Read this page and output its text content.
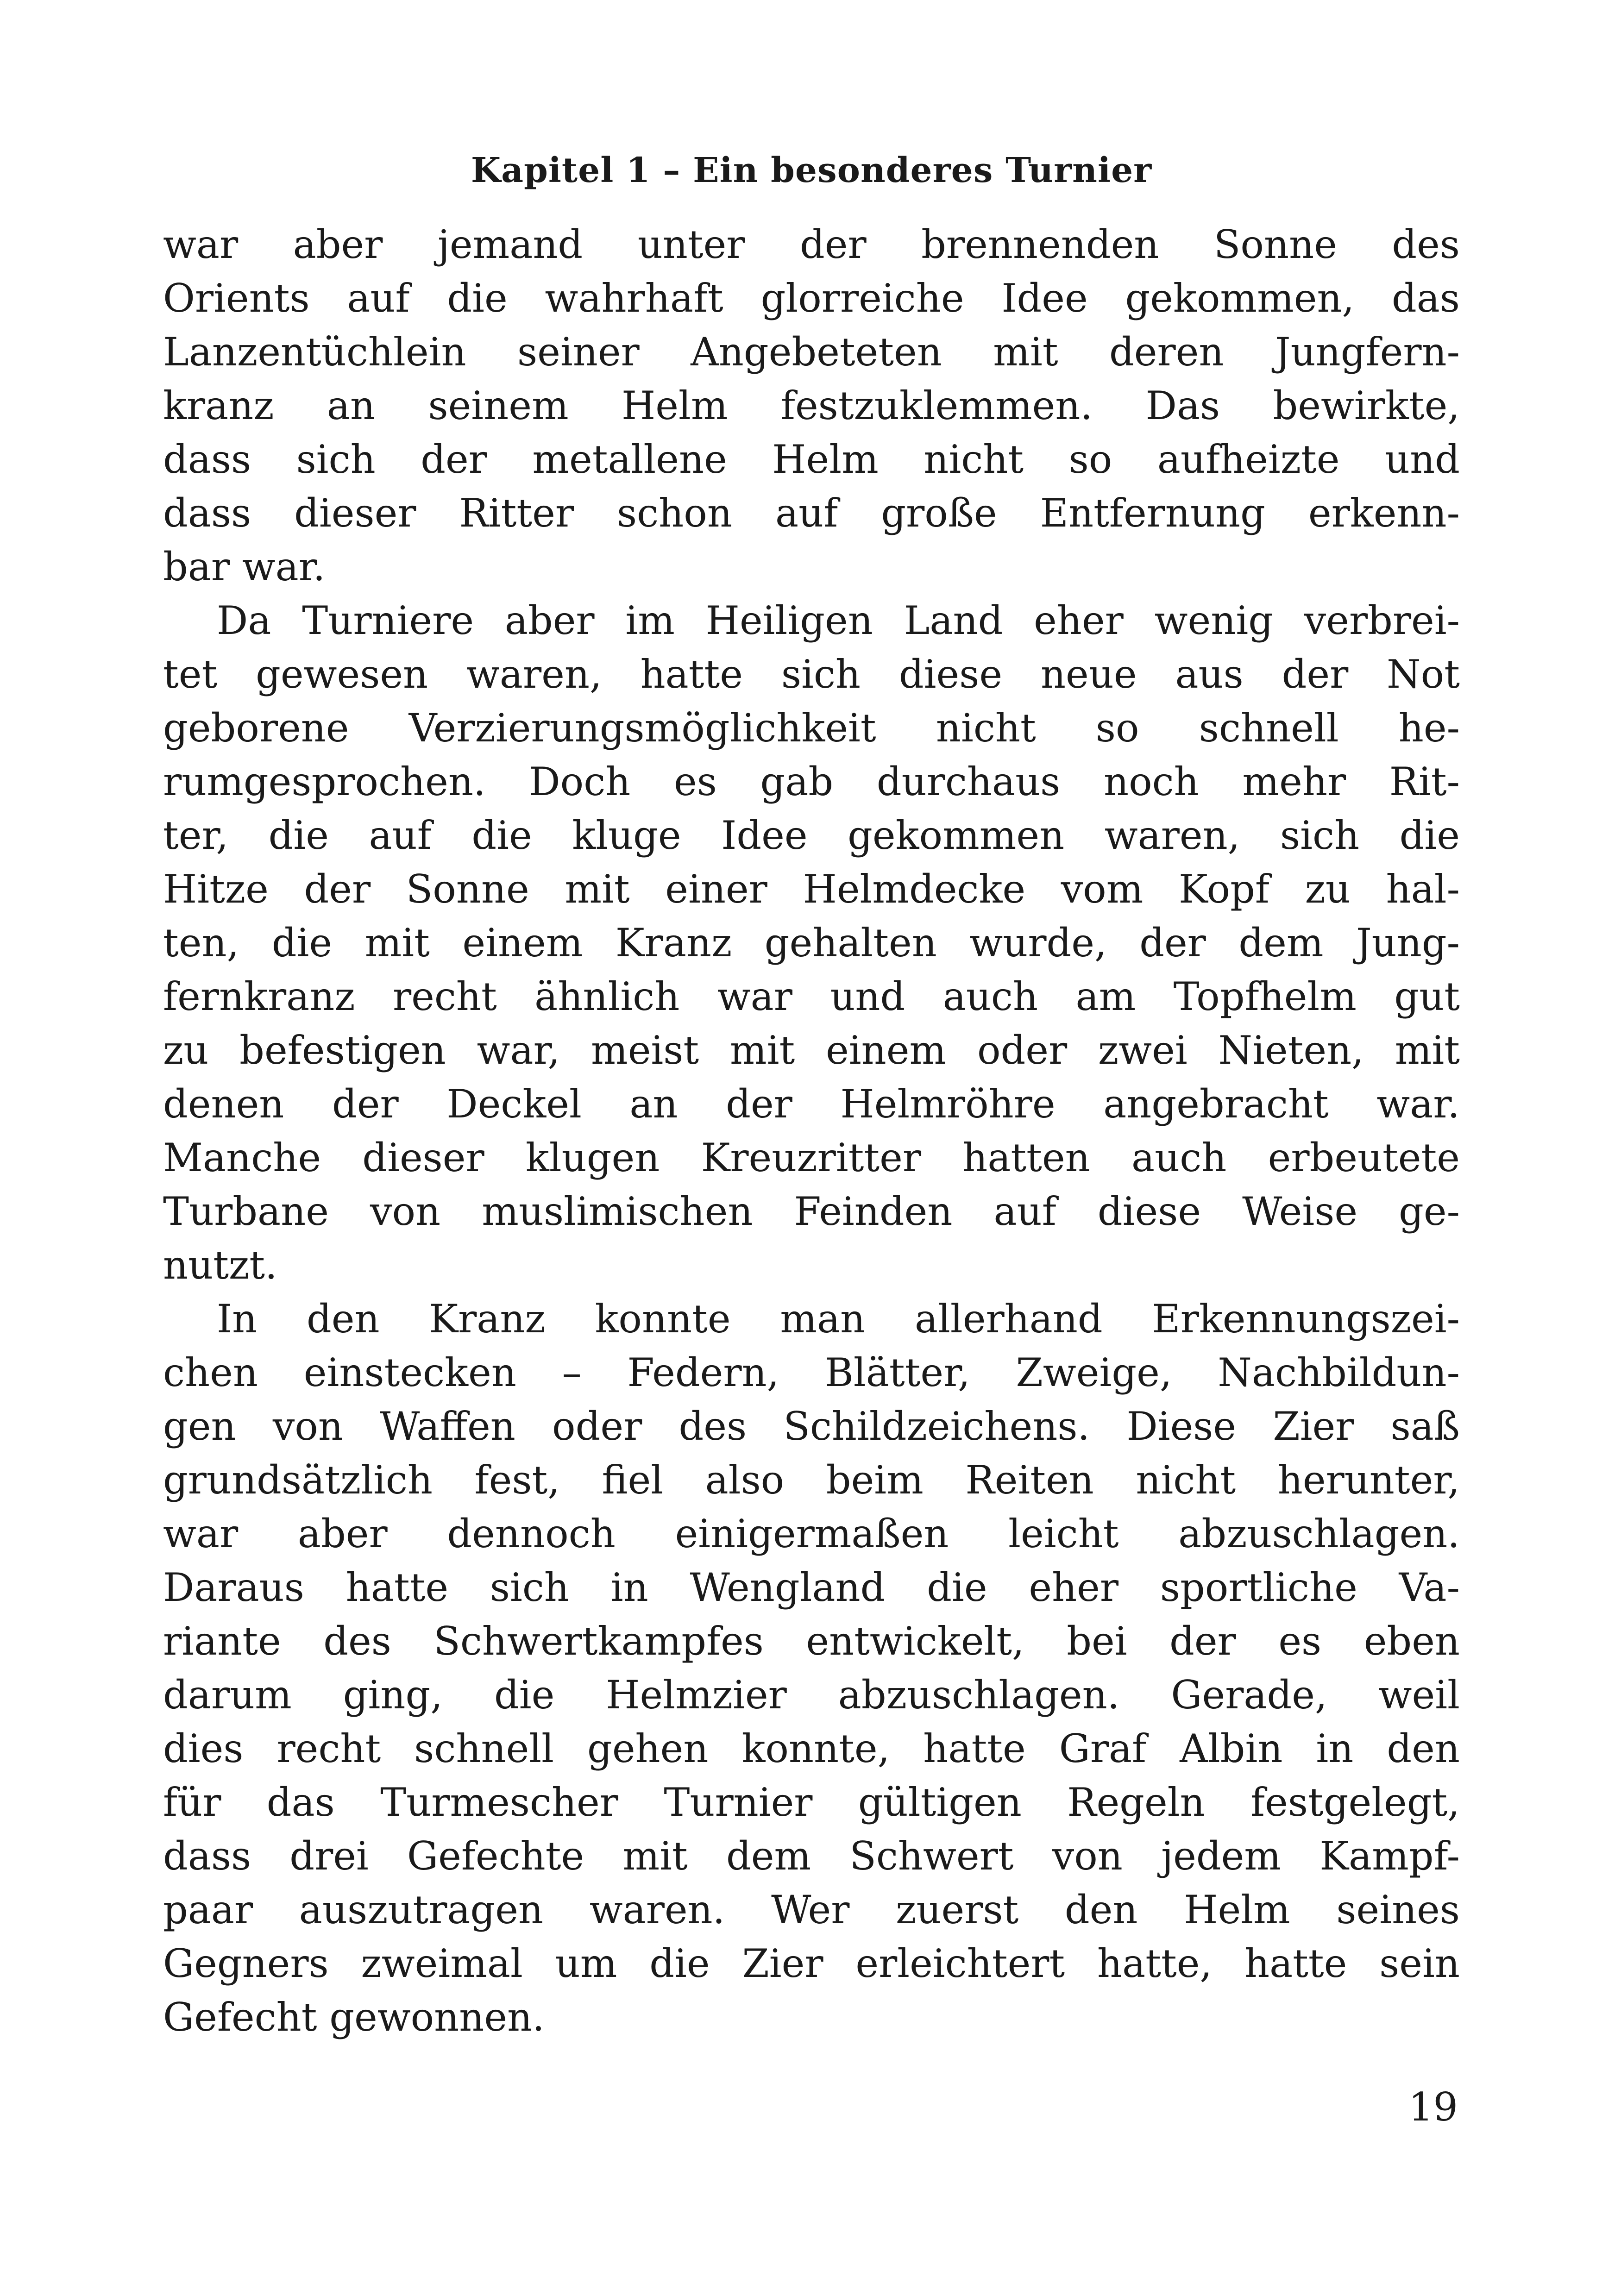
Kapitel 1 – Ein besonderes Turnier
war aber jemand unter der brennenden Sonne des
Orients auf die wahrhaft glorreiche Idee gekommen, das
Lanzentüchlein seiner Angebeteten mit deren Jungfern-
kranz an seinem Helm festzuklemmen. Das bewirkte,
dass sich der metallene Helm nicht so aufheizte und
dass dieser Ritter schon auf große Entfernung erkenn-
bar war.
Da Turniere aber im Heiligen Land eher wenig verbrei-
tet gewesen waren, hatte sich diese neue aus der Not
geborene Verzierungsmöglichkeit nicht so schnell he-
rumgesprochen. Doch es gab durchaus noch mehr Rit-
ter, die auf die kluge Idee gekommen waren, sich die
Hitze der Sonne mit einer Helmdecke vom Kopf zu hal-
ten, die mit einem Kranz gehalten wurde, der dem Jung-
fernkranz recht ähnlich war und auch am Topfhelm gut
zu befestigen war, meist mit einem oder zwei Nieten, mit
denen der Deckel an der Helmröhre angebracht war.
Manche dieser klugen Kreuzritter hatten auch erbeutete
Turbane von muslimischen Feinden auf diese Weise ge-
nutzt.
In den Kranz konnte man allerhand Erkennungszei-
chen einstecken – Federn, Blätter, Zweige, Nachbildun-
gen von Waffen oder des Schildzeichens. Diese Zier saß
grundsätzlich fest, fiel also beim Reiten nicht herunter,
war aber dennoch einigermaßen leicht abzuschlagen.
Daraus hatte sich in Wengland die eher sportliche Va-
riante des Schwertkampfes entwickelt, bei der es eben
darum ging, die Helmzier abzuschlagen. Gerade, weil
dies recht schnell gehen konnte, hatte Graf Albin in den
für das Turmescher Turnier gültigen Regeln festgelegt,
dass drei Gefechte mit dem Schwert von jedem Kampf-
paar auszutragen waren. Wer zuerst den Helm seines
Gegners zweimal um die Zier erleichtert hatte, hatte sein
Gefecht gewonnen.
19
